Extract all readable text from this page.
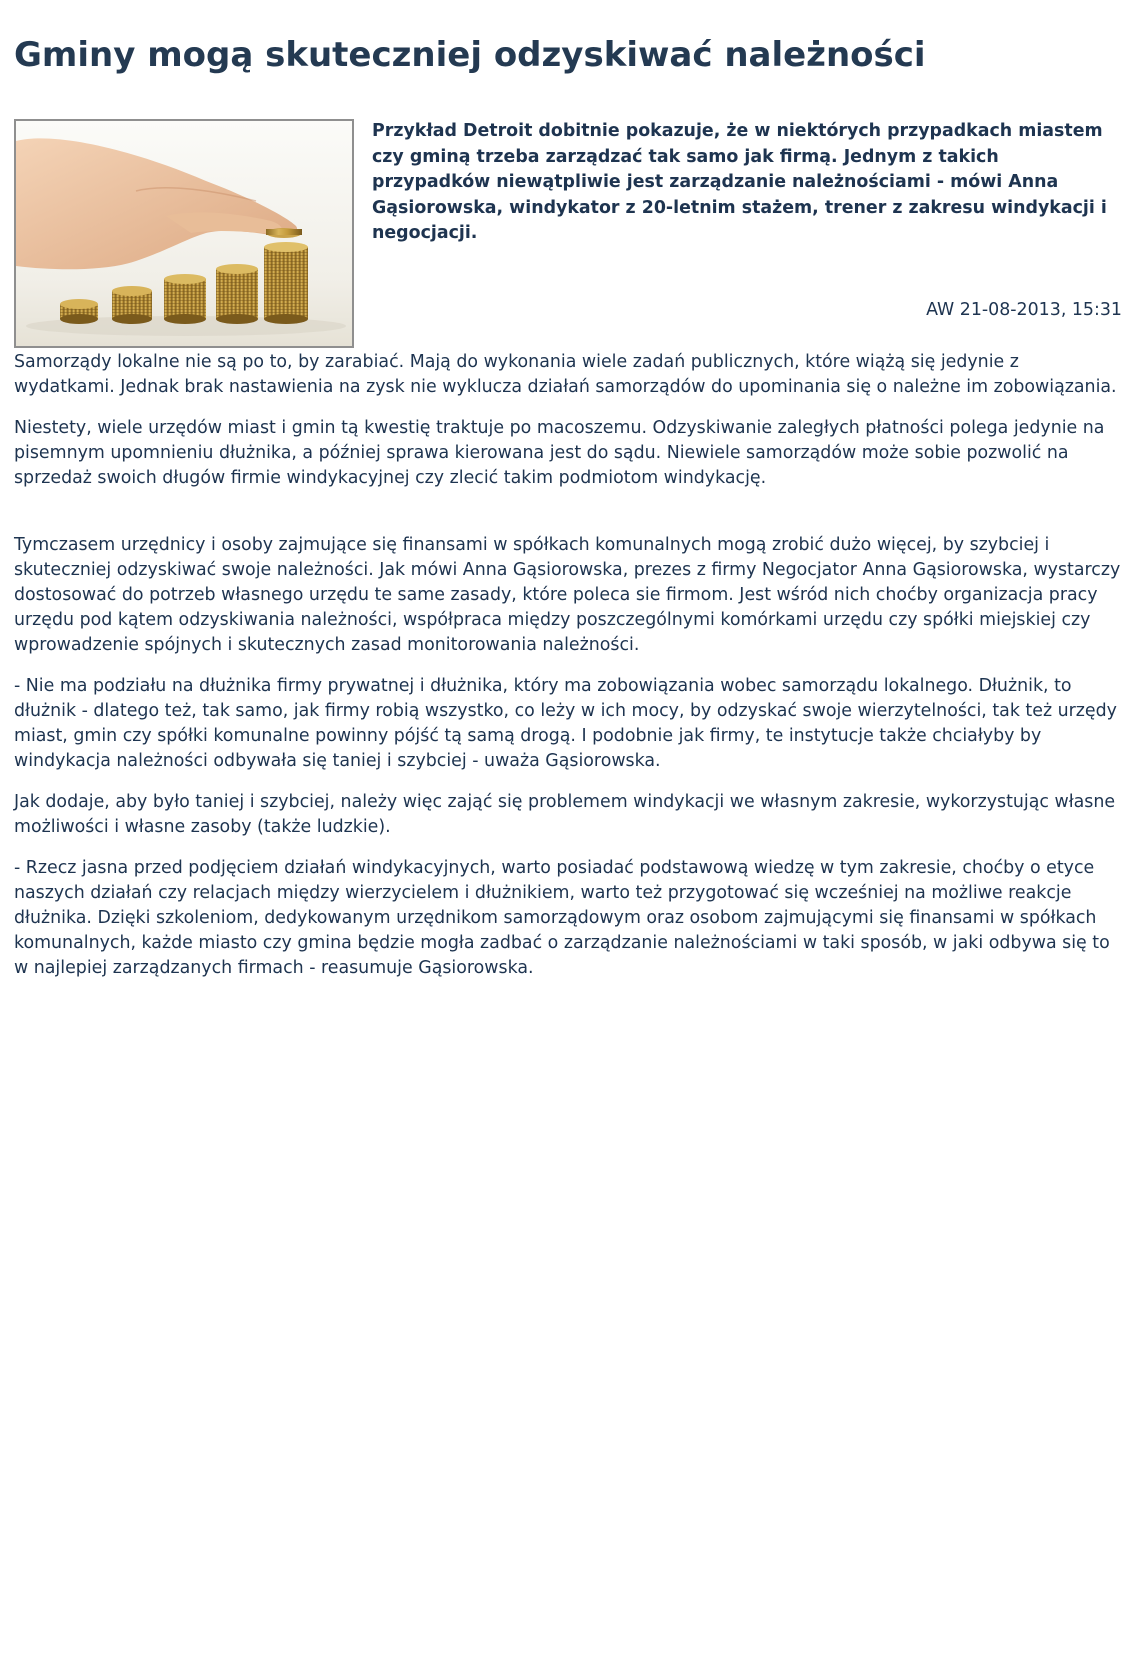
Gminy mogą skuteczniej odzyskiwać należności

Przykład Detroit dobitnie pokazuje, że w niektórych przypadkach miastem czy gminą trzeba zarządzać tak samo jak firmą. Jednym z takich przypadków niewątpliwie jest zarządzanie należnościami - mówi Anna Gąsiorowska, windykator z 20-letnim stażem, trener z zakresu windykacji i negocjacji.

AW 21-08-2013, 15:31

Samorządy lokalne nie są po to, by zarabiać. Mają do wykonania wiele zadań publicznych, które wiążą się jedynie z wydatkami. Jednak brak nastawienia na zysk nie wyklucza działań samorządów do upominania się o należne im zobowiązania.

Niestety, wiele urzędów miast i gmin tą kwestię traktuje po macoszemu. Odzyskiwanie zaległych płatności polega jedynie na pisemnym upomnieniu dłużnika, a później sprawa kierowana jest do sądu. Niewiele samorządów może sobie pozwolić na sprzedaż swoich długów firmie windykacyjnej czy zlecić takim podmiotom windykację.

Tymczasem urzędnicy i osoby zajmujące się finansami w spółkach komunalnych mogą zrobić dużo więcej, by szybciej i skuteczniej odzyskiwać swoje należności. Jak mówi Anna Gąsiorowska, prezes z firmy Negocjator Anna Gąsiorowska, wystarczy dostosować do potrzeb własnego urzędu te same zasady, które poleca sie firmom. Jest wśród nich choćby organizacja pracy urzędu pod kątem odzyskiwania należności, współpraca między poszczególnymi komórkami urzędu czy spółki miejskiej czy wprowadzenie spójnych i skutecznych zasad monitorowania należności.

- Nie ma podziału na dłużnika firmy prywatnej i dłużnika, który ma zobowiązania wobec samorządu lokalnego. Dłużnik, to dłużnik - dlatego też, tak samo, jak firmy robią wszystko, co leży w ich mocy, by odzyskać swoje wierzytelności, tak też urzędy miast, gmin czy spółki komunalne powinny pójść tą samą drogą. I podobnie jak firmy, te instytucje także chciałyby by windykacja należności odbywała się taniej i szybciej - uważa Gąsiorowska.

Jak dodaje, aby było taniej i szybciej, należy więc zająć się problemem windykacji we własnym zakresie, wykorzystując własne możliwości i własne zasoby (także ludzkie).

- Rzecz jasna przed podjęciem działań windykacyjnych, warto posiadać podstawową wiedzę w tym zakresie, choćby o etyce naszych działań czy relacjach między wierzycielem i dłużnikiem, warto też przygotować się wcześniej na możliwe reakcje dłużnika. Dzięki szkoleniom, dedykowanym urzędnikom samorządowym oraz osobom zajmującymi się finansami w spółkach komunalnych, każde miasto czy gmina będzie mogła zadbać o zarządzanie należnościami w taki sposób, w jaki odbywa się to w najlepiej zarządzanych firmach - reasumuje Gąsiorowska.
